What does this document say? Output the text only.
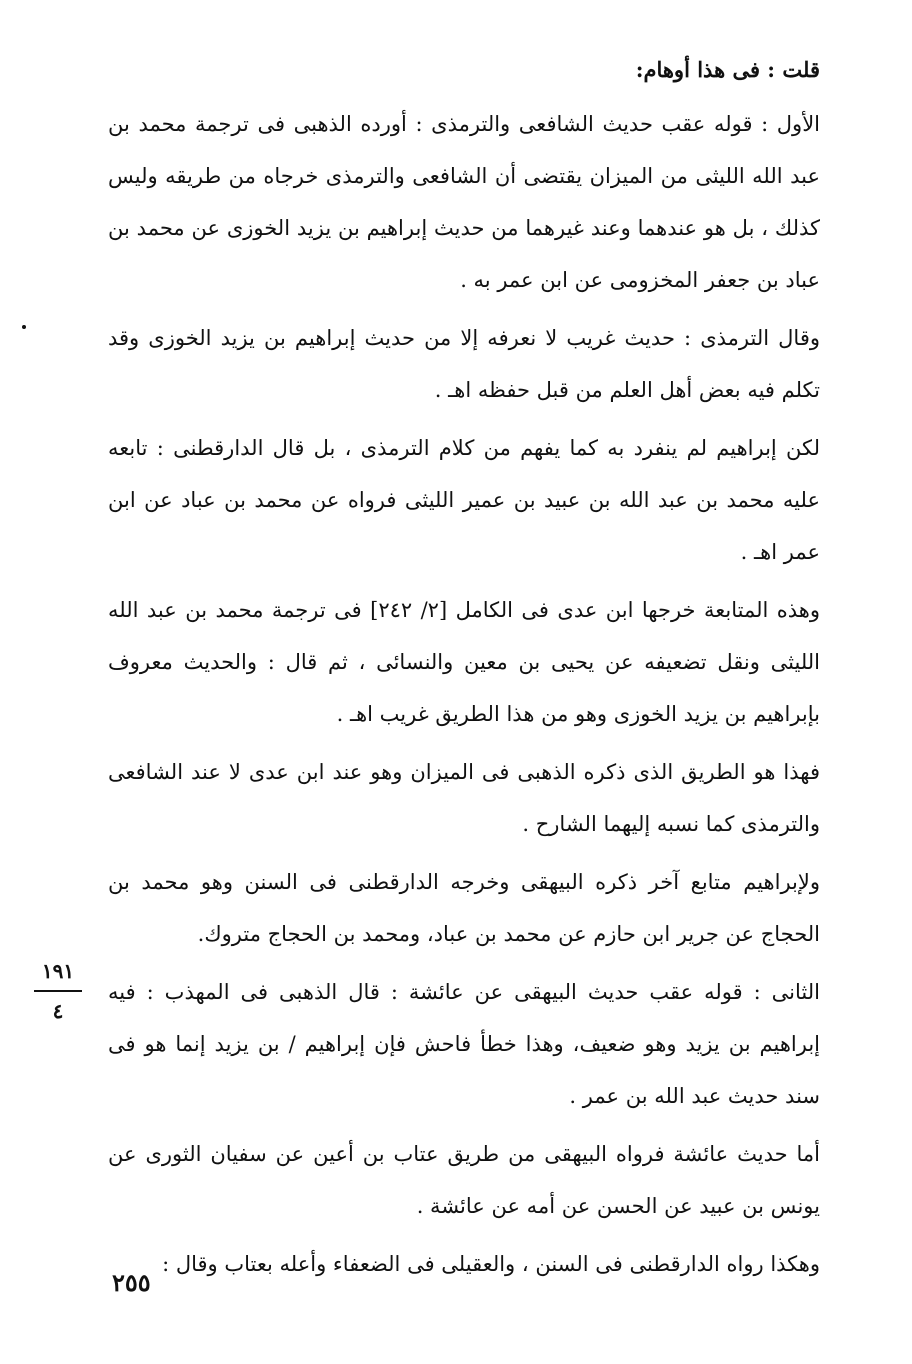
قلت : فى هذا أوهام:

الأول : قوله عقب حديث الشافعى والترمذى : أورده الذهبى فى ترجمة محمد بن عبد الله الليثى من الميزان يقتضى أن الشافعى والترمذى خرجاه من طريقه وليس كذلك ، بل هو عندهما وعند غيرهما من حديث إبراهيم بن يزيد الخوزى عن محمد بن عباد بن جعفر المخزومى عن ابن عمر به .

وقال الترمذى : حديث غريب لا نعرفه إلا من حديث إبراهيم بن يزيد الخوزى وقد تكلم فيه بعض أهل العلم من قبل حفظه اهـ .

لكن إبراهيم لم ينفرد به كما يفهم من كلام الترمذى ، بل قال الدارقطنى : تابعه عليه محمد بن عبد الله بن عبيد بن عمير الليثى فرواه عن محمد بن عباد عن ابن عمر اهـ .

وهذه المتابعة خرجها ابن عدى فى الكامل [٢/ ٢٤٢] فى ترجمة محمد بن عبد الله الليثى ونقل تضعيفه عن يحيى بن معين والنسائى ، ثم قال : والحديث معروف بإبراهيم بن يزيد الخوزى وهو من هذا الطريق غريب اهـ .

فهذا هو الطريق الذى ذكره الذهبى فى الميزان وهو عند ابن عدى لا عند الشافعى والترمذى كما نسبه إليهما الشارح .

ولإبراهيم متابع آخر ذكره البيهقى وخرجه الدارقطنى فى السنن وهو محمد بن الحجاج عن جرير ابن حازم عن محمد بن عباد، ومحمد بن الحجاج متروك.

الثانى : قوله عقب حديث البيهقى عن عائشة : قال الذهبى فى المهذب : فيه إبراهيم بن يزيد وهو ضعيف، وهذا خطأ فاحش فإن إبراهيم / بن يزيد إنما هو فى سند حديث عبد الله بن عمر .

أما حديث عائشة فرواه البيهقى من طريق عتاب بن أعين عن سفيان الثورى عن يونس بن عبيد عن الحسن عن أمه عن عائشة .

وهكذا رواه الدارقطنى فى السنن ، والعقيلى فى الضعفاء وأعله بعتاب وقال :

١٩١
٤
٢٥٥
